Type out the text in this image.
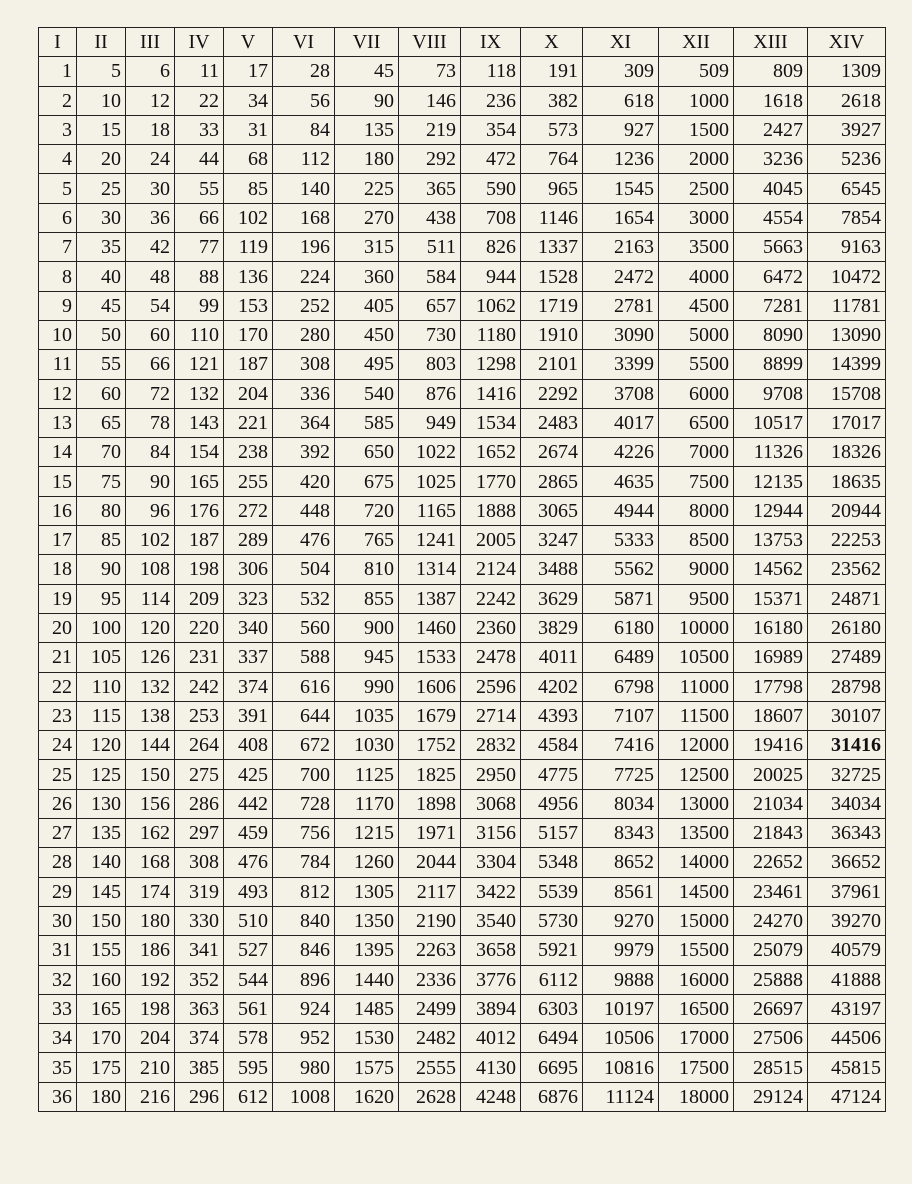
I	II	III	IV	V	VI	VII	VIII	IX	X	XI	XII	XIII	XIV
1	5	6	11	17	28	45	73	118	191	309	509	809	1309
2	10	12	22	34	56	90	146	236	382	618	1000	1618	2618
3	15	18	33	31	84	135	219	354	573	927	1500	2427	3927
4	20	24	44	68	112	180	292	472	764	1236	2000	3236	5236
5	25	30	55	85	140	225	365	590	965	1545	2500	4045	6545
6	30	36	66	102	168	270	438	708	1146	1654	3000	4554	7854
7	35	42	77	119	196	315	511	826	1337	2163	3500	5663	9163
8	40	48	88	136	224	360	584	944	1528	2472	4000	6472	10472
9	45	54	99	153	252	405	657	1062	1719	2781	4500	7281	11781
10	50	60	110	170	280	450	730	1180	1910	3090	5000	8090	13090
11	55	66	121	187	308	495	803	1298	2101	3399	5500	8899	14399
12	60	72	132	204	336	540	876	1416	2292	3708	6000	9708	15708
13	65	78	143	221	364	585	949	1534	2483	4017	6500	10517	17017
14	70	84	154	238	392	650	1022	1652	2674	4226	7000	11326	18326
15	75	90	165	255	420	675	1025	1770	2865	4635	7500	12135	18635
16	80	96	176	272	448	720	1165	1888	3065	4944	8000	12944	20944
17	85	102	187	289	476	765	1241	2005	3247	5333	8500	13753	22253
18	90	108	198	306	504	810	1314	2124	3488	5562	9000	14562	23562
19	95	114	209	323	532	855	1387	2242	3629	5871	9500	15371	24871
20	100	120	220	340	560	900	1460	2360	3829	6180	10000	16180	26180
21	105	126	231	337	588	945	1533	2478	4011	6489	10500	16989	27489
22	110	132	242	374	616	990	1606	2596	4202	6798	11000	17798	28798
23	115	138	253	391	644	1035	1679	2714	4393	7107	11500	18607	30107
24	120	144	264	408	672	1030	1752	2832	4584	7416	12000	19416	31416
25	125	150	275	425	700	1125	1825	2950	4775	7725	12500	20025	32725
26	130	156	286	442	728	1170	1898	3068	4956	8034	13000	21034	34034
27	135	162	297	459	756	1215	1971	3156	5157	8343	13500	21843	36343
28	140	168	308	476	784	1260	2044	3304	5348	8652	14000	22652	36652
29	145	174	319	493	812	1305	2117	3422	5539	8561	14500	23461	37961
30	150	180	330	510	840	1350	2190	3540	5730	9270	15000	24270	39270
31	155	186	341	527	846	1395	2263	3658	5921	9979	15500	25079	40579
32	160	192	352	544	896	1440	2336	3776	6112	9888	16000	25888	41888
33	165	198	363	561	924	1485	2499	3894	6303	10197	16500	26697	43197
34	170	204	374	578	952	1530	2482	4012	6494	10506	17000	27506	44506
35	175	210	385	595	980	1575	2555	4130	6695	10816	17500	28515	45815
36	180	216	296	612	1008	1620	2628	4248	6876	11124	18000	29124	47124
